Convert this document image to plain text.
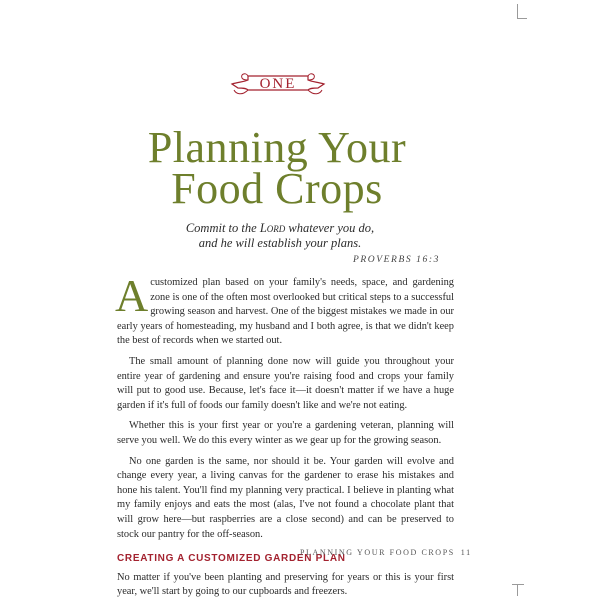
ONE
Planning Your
Food Crops
Commit to the Lord whatever you do,
and he will establish your plans.
PROVERBS 16:3

Acustomized plan based on your family's needs, space, and gardening zone is one of the often most overlooked but critical steps to a successful growing season and harvest. One of the biggest mistakes we made in our early years of homesteading, my husband and I both agree, is that we didn't keep the best of records when we started out.

The small amount of planning done now will guide you throughout your entire year of gardening and ensure you're raising food and crops your family will put to good use. Because, let's face it—it doesn't matter if we have a huge garden if it's full of foods our family doesn't like and we're not eating.

Whether this is your first year or you're a gardening veteran, planning will serve you well. We do this every winter as we gear up for the growing season.

No one garden is the same, nor should it be. Your garden will evolve and change every year, a living canvas for the gardener to erase his mistakes and hone his talent. You'll find my planning very practical. I believe in planting what my family enjoys and eats the most (alas, I've not found a chocolate plant that will grow here—but raspberries are a close second) and can be preserved to stock our pantry for the off-season.

CREATING A CUSTOMIZED GARDEN PLAN

No matter if you've been planting and preserving for years or this is your first year, we'll start by going to our cupboards and freezers.

PLANNING YOUR FOOD CROPS 11
